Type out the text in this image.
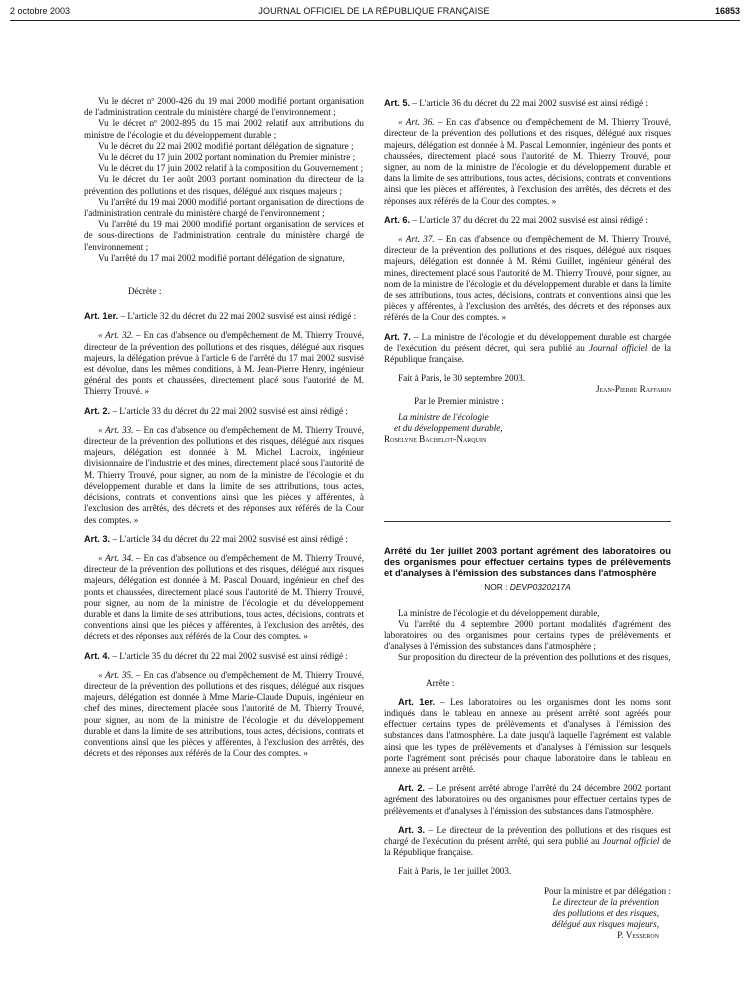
2 octobre 2003	JOURNAL OFFICIEL DE LA RÉPUBLIQUE FRANÇAISE	16853

Vu le décret nº 2000-426 du 19 mai 2000 modifié portant organisation de l'administration centrale du ministère chargé de l'environnement ;

Vu le décret nº 2002-895 du 15 mai 2002 relatif aux attributions du ministre de l'écologie et du développement durable ;

Vu le décret du 22 mai 2002 modifié portant délégation de signature ;

Vu le décret du 17 juin 2002 portant nomination du Premier ministre ;

Vu le décret du 17 juin 2002 relatif à la composition du Gouvernement ;

Vu le décret du 1er août 2003 portant nomination du directeur de la prévention des pollutions et des risques, délégué aux risques majeurs ;

Vu l'arrêté du 19 mai 2000 modifié portant organisation de directions de l'administration centrale du ministère chargé de l'environnement ;

Vu l'arrêté du 19 mai 2000 modifié portant organisation de services et de sous-directions de l'administration centrale du ministère chargé de l'environnement ;

Vu l'arrêté du 17 mai 2002 modifié portant délégation de signature,

Décrète :

Art. 1er. – L'article 32 du décret du 22 mai 2002 susvisé est ainsi rédigé :

« Art. 32. – En cas d'absence ou d'empêchement de M. Thierry Trouvé, directeur de la prévention des pollutions et des risques, délégué aux risques majeurs, la délégation prévue à l'article 6 de l'arrêté du 17 mai 2002 susvisé est dévolue, dans les mêmes conditions, à M. Jean-Pierre Henry, ingénieur général des ponts et chaussées, directement placé sous l'autorité de M. Thierry Trouvé. »

Art. 2. – L'article 33 du décret du 22 mai 2002 susvisé est ainsi rédigé :

« Art. 33. – En cas d'absence ou d'empêchement de M. Thierry Trouvé, directeur de la prévention des pollutions et des risques, délégué aux risques majeurs, délégation est donnée à M. Michel Lacroix, ingénieur divisionnaire de l'industrie et des mines, directement placé sous l'autorité de M. Thierry Trouvé, pour signer, au nom de la ministre de l'écologie et du développement durable et dans la limite de ses attributions, tous actes, décisions, contrats et conventions ainsi que les pièces y afférentes, à l'exclusion des arrêtés, des décrets et des réponses aux référés de la Cour des comptes. »

Art. 3. – L'article 34 du décret du 22 mai 2002 susvisé est ainsi rédigé :

« Art. 34. – En cas d'absence ou d'empêchement de M. Thierry Trouvé, directeur de la prévention des pollutions et des risques, délégué aux risques majeurs, délégation est donnée à M. Pascal Douard, ingénieur en chef des ponts et chaussées, directement placé sous l'autorité de M. Thierry Trouvé, pour signer, au nom de la ministre de l'écologie et du développement durable et dans la limite de ses attributions, tous actes, décisions, contrats et conventions ainsi que les pièces y afférentes, à l'exclusion des arrêtés, des décrets et des réponses aux référés de la Cour des comptes. »

Art. 4. – L'article 35 du décret du 22 mai 2002 susvisé est ainsi rédigé :

« Art. 35. – En cas d'absence ou d'empêchement de M. Thierry Trouvé, directeur de la prévention des pollutions et des risques, délégué aux risques majeurs, délégation est donnée à Mme Marie-Claude Dupuis, ingénieur en chef des mines, directement placée sous l'autorité de M. Thierry Trouvé, pour signer, au nom de la ministre de l'écologie et du développement durable et dans la limite de ses attributions, tous actes, décisions, contrats et conventions ainsi que les pièces y afférentes, à l'exclusion des arrêtés, des décrets et des réponses aux référés de la Cour des comptes. »

Art. 5. – L'article 36 du décret du 22 mai 2002 susvisé est ainsi rédigé :

« Art. 36. – En cas d'absence ou d'empêchement de M. Thierry Trouvé, directeur de la prévention des pollutions et des risques, délégué aux risques majeurs, délégation est donnée à M. Pascal Lemonnier, ingénieur des ponts et chaussées, directement placé sous l'autorité de M. Thierry Trouvé, pour signer, au nom de la ministre de l'écologie et du développement durable et dans la limite de ses attributions, tous actes, décisions, contrats et conventions ainsi que les pièces et afférentes, à l'exclusion des arrêtés, des décrets et des réponses aux référés de la Cour des comptes. »

Art. 6. – L'article 37 du décret du 22 mai 2002 susvisé est ainsi rédigé :

« Art. 37. – En cas d'absence ou d'empêchement de M. Thierry Trouvé, directeur de la prévention des pollutions et des risques, délégué aux risques majeurs, délégation est donnée à M. Rémi Guillet, ingénieur général des mines, directement placé sous l'autorité de M. Thierry Trouvé, pour signer, au nom de la ministre de l'écologie et du développement durable et dans la limite de ses attributions, tous actes, décisions, contrats et conventions ainsi que les pièces y afférentes, à l'exclusion des arrêtés, des décrets et des réponses aux référés de la Cour des comptes. »

Art. 7. – La ministre de l'écologie et du développement durable est chargée de l'exécution du présent décret, qui sera publié au Journal officiel de la République française.

Fait à Paris, le 30 septembre 2003.

Jean-Pierre Raffarin

Par le Premier ministre :

La ministre de l'écologie

et du développement durable,

Roselyne Bachelot-Narquin

Arrêté du 1er juillet 2003 portant agrément des laboratoires ou des organismes pour effectuer certains types de prélèvements et d'analyses à l'émission des substances dans l'atmosphère

NOR : DEVP0320217A

La ministre de l'écologie et du développement durable,

Vu l'arrêté du 4 septembre 2000 portant modalités d'agrément des laboratoires ou des organismes pour certains types de prélèvements et d'analyses à l'émission des substances dans l'atmosphère ;

Sur proposition du directeur de la prévention des pollutions et des risques,

Arrête :

Art. 1er. – Les laboratoires ou les organismes dont les noms sont indiqués dans le tableau en annexe au présent arrêté sont agréés pour effectuer certains types de prélèvements et d'analyses à l'émission des substances dans l'atmosphère. La date jusqu'à laquelle l'agrément est valable ainsi que les types de prélèvements et d'analyses à l'émission sur lesquels porte l'agrément sont précisés pour chaque laboratoire dans le tableau en annexe au présent arrêté.

Art. 2. – Le présent arrêté abroge l'arrêté du 24 décembre 2002 portant agrément des laboratoires ou des organismes pour effectuer certains types de prélèvements et d'analyses à l'émission des substances dans l'atmosphère.

Art. 3. – Le directeur de la prévention des pollutions et des risques est chargé de l'exécution du présent arrêté, qui sera publié au Journal officiel de la République française.

Fait à Paris, le 1er juillet 2003.

Pour la ministre et par délégation :

Le directeur de la prévention

des pollutions et des risques,

délégué aux risques majeurs,

P. Vesseron
